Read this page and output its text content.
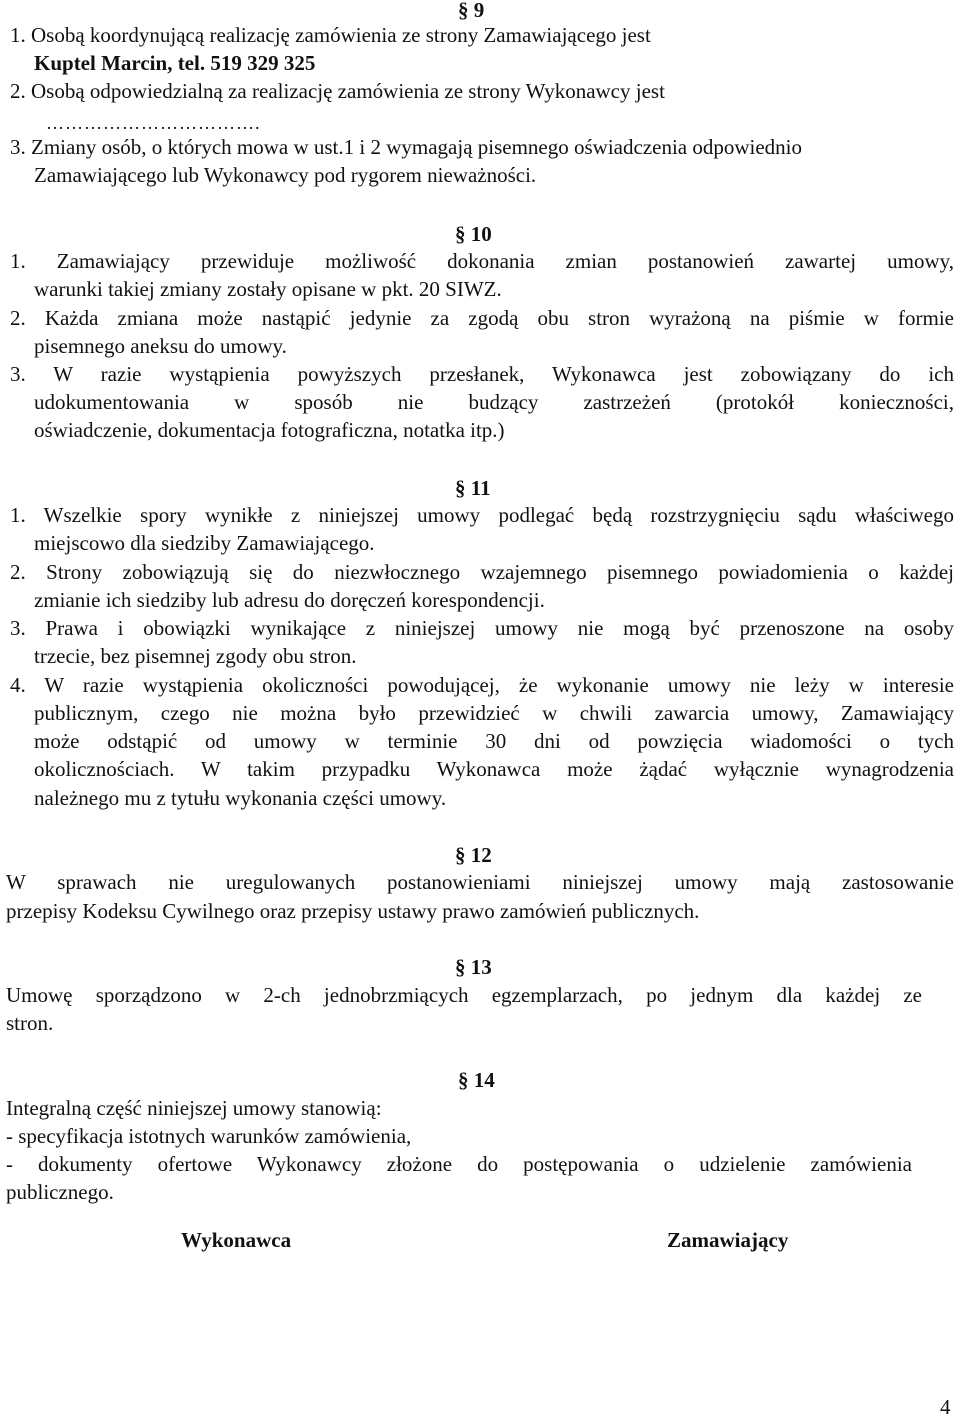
§ 9
1. Osobą koordynującą realizację zamówienia ze strony Zamawiającego jest
Kuptel Marcin, tel. 519 329 325
2. Osobą odpowiedzialną za realizację zamówienia ze strony Wykonawcy jest
…………………………….
3. Zmiany osób, o których mowa w ust.1 i 2 wymagają pisemnego oświadczenia odpowiednio
Zamawiającego lub Wykonawcy pod rygorem nieważności.
§ 10
1. Zamawiający przewiduje możliwość dokonania zmian postanowień zawartej umowy,
warunki takiej zmiany zostały opisane w pkt. 20 SIWZ.
2. Każda zmiana może nastąpić jedynie za zgodą obu stron wyrażoną na piśmie w formie
pisemnego aneksu do umowy.
3. W razie wystąpienia powyższych przesłanek, Wykonawca jest zobowiązany do ich
udokumentowania w sposób nie budzący zastrzeżeń (protokół konieczności,
oświadczenie, dokumentacja fotograficzna, notatka itp.)
§ 11
1. Wszelkie spory wynikłe z niniejszej umowy podlegać będą rozstrzygnięciu sądu właściwego
miejscowo dla siedziby Zamawiającego.
2. Strony zobowiązują się do niezwłocznego wzajemnego pisemnego powiadomienia o każdej
zmianie ich siedziby lub adresu do doręczeń korespondencji.
3. Prawa i obowiązki wynikające z niniejszej umowy nie mogą być przenoszone na osoby
trzecie, bez pisemnej zgody obu stron.
4. W razie wystąpienia okoliczności powodującej, że wykonanie umowy nie leży w interesie
publicznym, czego nie można było przewidzieć w chwili zawarcia umowy, Zamawiający
może odstąpić od umowy w terminie 30 dni od powzięcia wiadomości o tych
okolicznościach. W takim przypadku Wykonawca może żądać wyłącznie wynagrodzenia
należnego mu z tytułu wykonania części umowy.
§ 12
W sprawach nie uregulowanych postanowieniami niniejszej umowy mają zastosowanie
przepisy Kodeksu Cywilnego oraz przepisy ustawy prawo zamówień publicznych.
§ 13
Umowę sporządzono w 2-ch jednobrzmiących egzemplarzach, po jednym dla każdej ze
stron.
§ 14
Integralną część niniejszej umowy stanowią:
- specyfikacja istotnych warunków zamówienia,
- dokumenty ofertowe Wykonawcy złożone do postępowania o udzielenie zamówienia
publicznego.
Wykonawca	Zamawiający
4
